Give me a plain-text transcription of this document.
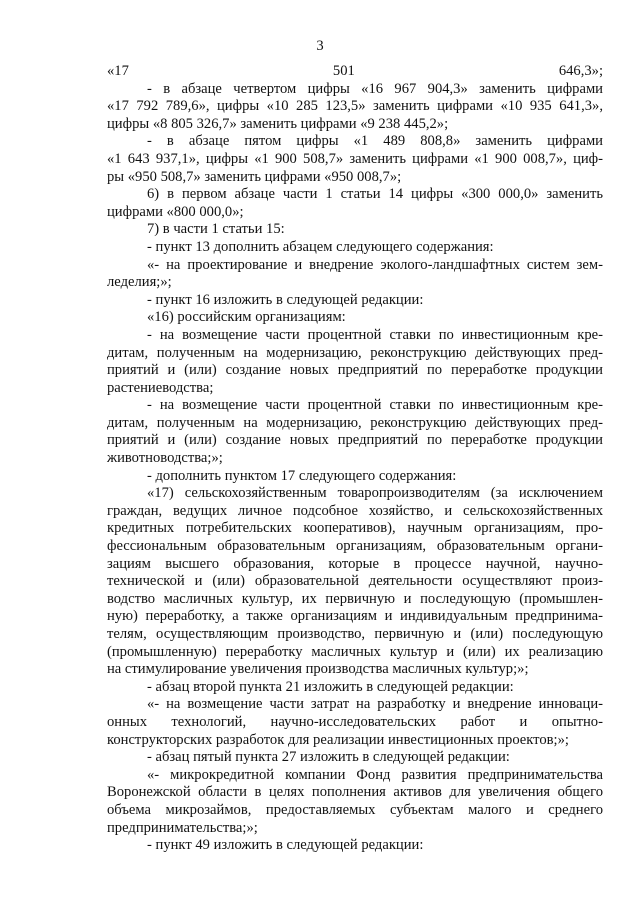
3

«17 501 646,3»;

- в абзаце четвертом цифры «16 967 904,3» заменить цифрами

«17 792 789,6», цифры «10 285 123,5» заменить цифрами «10 935 641,3»,

цифры «8 805 326,7» заменить цифрами «9 238 445,2»;

- в абзаце пятом цифры «1 489 808,8» заменить цифрами

«1 643 937,1», цифры «1 900 508,7» заменить цифрами «1 900 008,7», циф-

ры «950 508,7» заменить цифрами «950 008,7»;

6) в первом абзаце части 1 статьи 14 цифры «300 000,0» заменить

цифрами «800 000,0»;

7) в части 1 статьи 15:

- пункт 13 дополнить абзацем следующего содержания:

«- на проектирование и внедрение эколого-ландшафтных систем зем-

леделия;»;

- пункт 16 изложить в следующей редакции:

«16) российским организациям:

- на возмещение части процентной ставки по инвестиционным кре-

дитам, полученным на модернизацию, реконструкцию действующих пред-

приятий и (или) создание новых предприятий по переработке продукции

растениеводства;

- на возмещение части процентной ставки по инвестиционным кре-

дитам, полученным на модернизацию, реконструкцию действующих пред-

приятий и (или) создание новых предприятий по переработке продукции

животноводства;»;

- дополнить пунктом 17 следующего содержания:

«17) сельскохозяйственным товаропроизводителям (за исключением

граждан, ведущих личное подсобное хозяйство, и сельскохозяйственных

кредитных потребительских кооперативов), научным организациям, про-

фессиональным образовательным организациям, образовательным органи-

зациям высшего образования, которые в процессе научной, научно-

технической и (или) образовательной деятельности осуществляют произ-

водство масличных культур, их первичную и последующую (промышлен-

ную) переработку, а также организациям и индивидуальным предпринима-

телям, осуществляющим производство, первичную и (или) последующую

(промышленную) переработку масличных культур и (или) их реализацию

на стимулирование увеличения производства масличных культур;»;

- абзац второй пункта 21 изложить в следующей редакции:

«- на возмещение части затрат на разработку и внедрение инноваци-

онных технологий, научно-исследовательских работ и опытно-

конструкторских разработок для реализации инвестиционных проектов;»;

- абзац пятый пункта 27 изложить в следующей редакции:

«- микрокредитной компании Фонд развития предпринимательства

Воронежской области в целях пополнения активов для увеличения общего

объема микрозаймов, предоставляемых субъектам малого и среднего

предпринимательства;»;

- пункт 49 изложить в следующей редакции:
